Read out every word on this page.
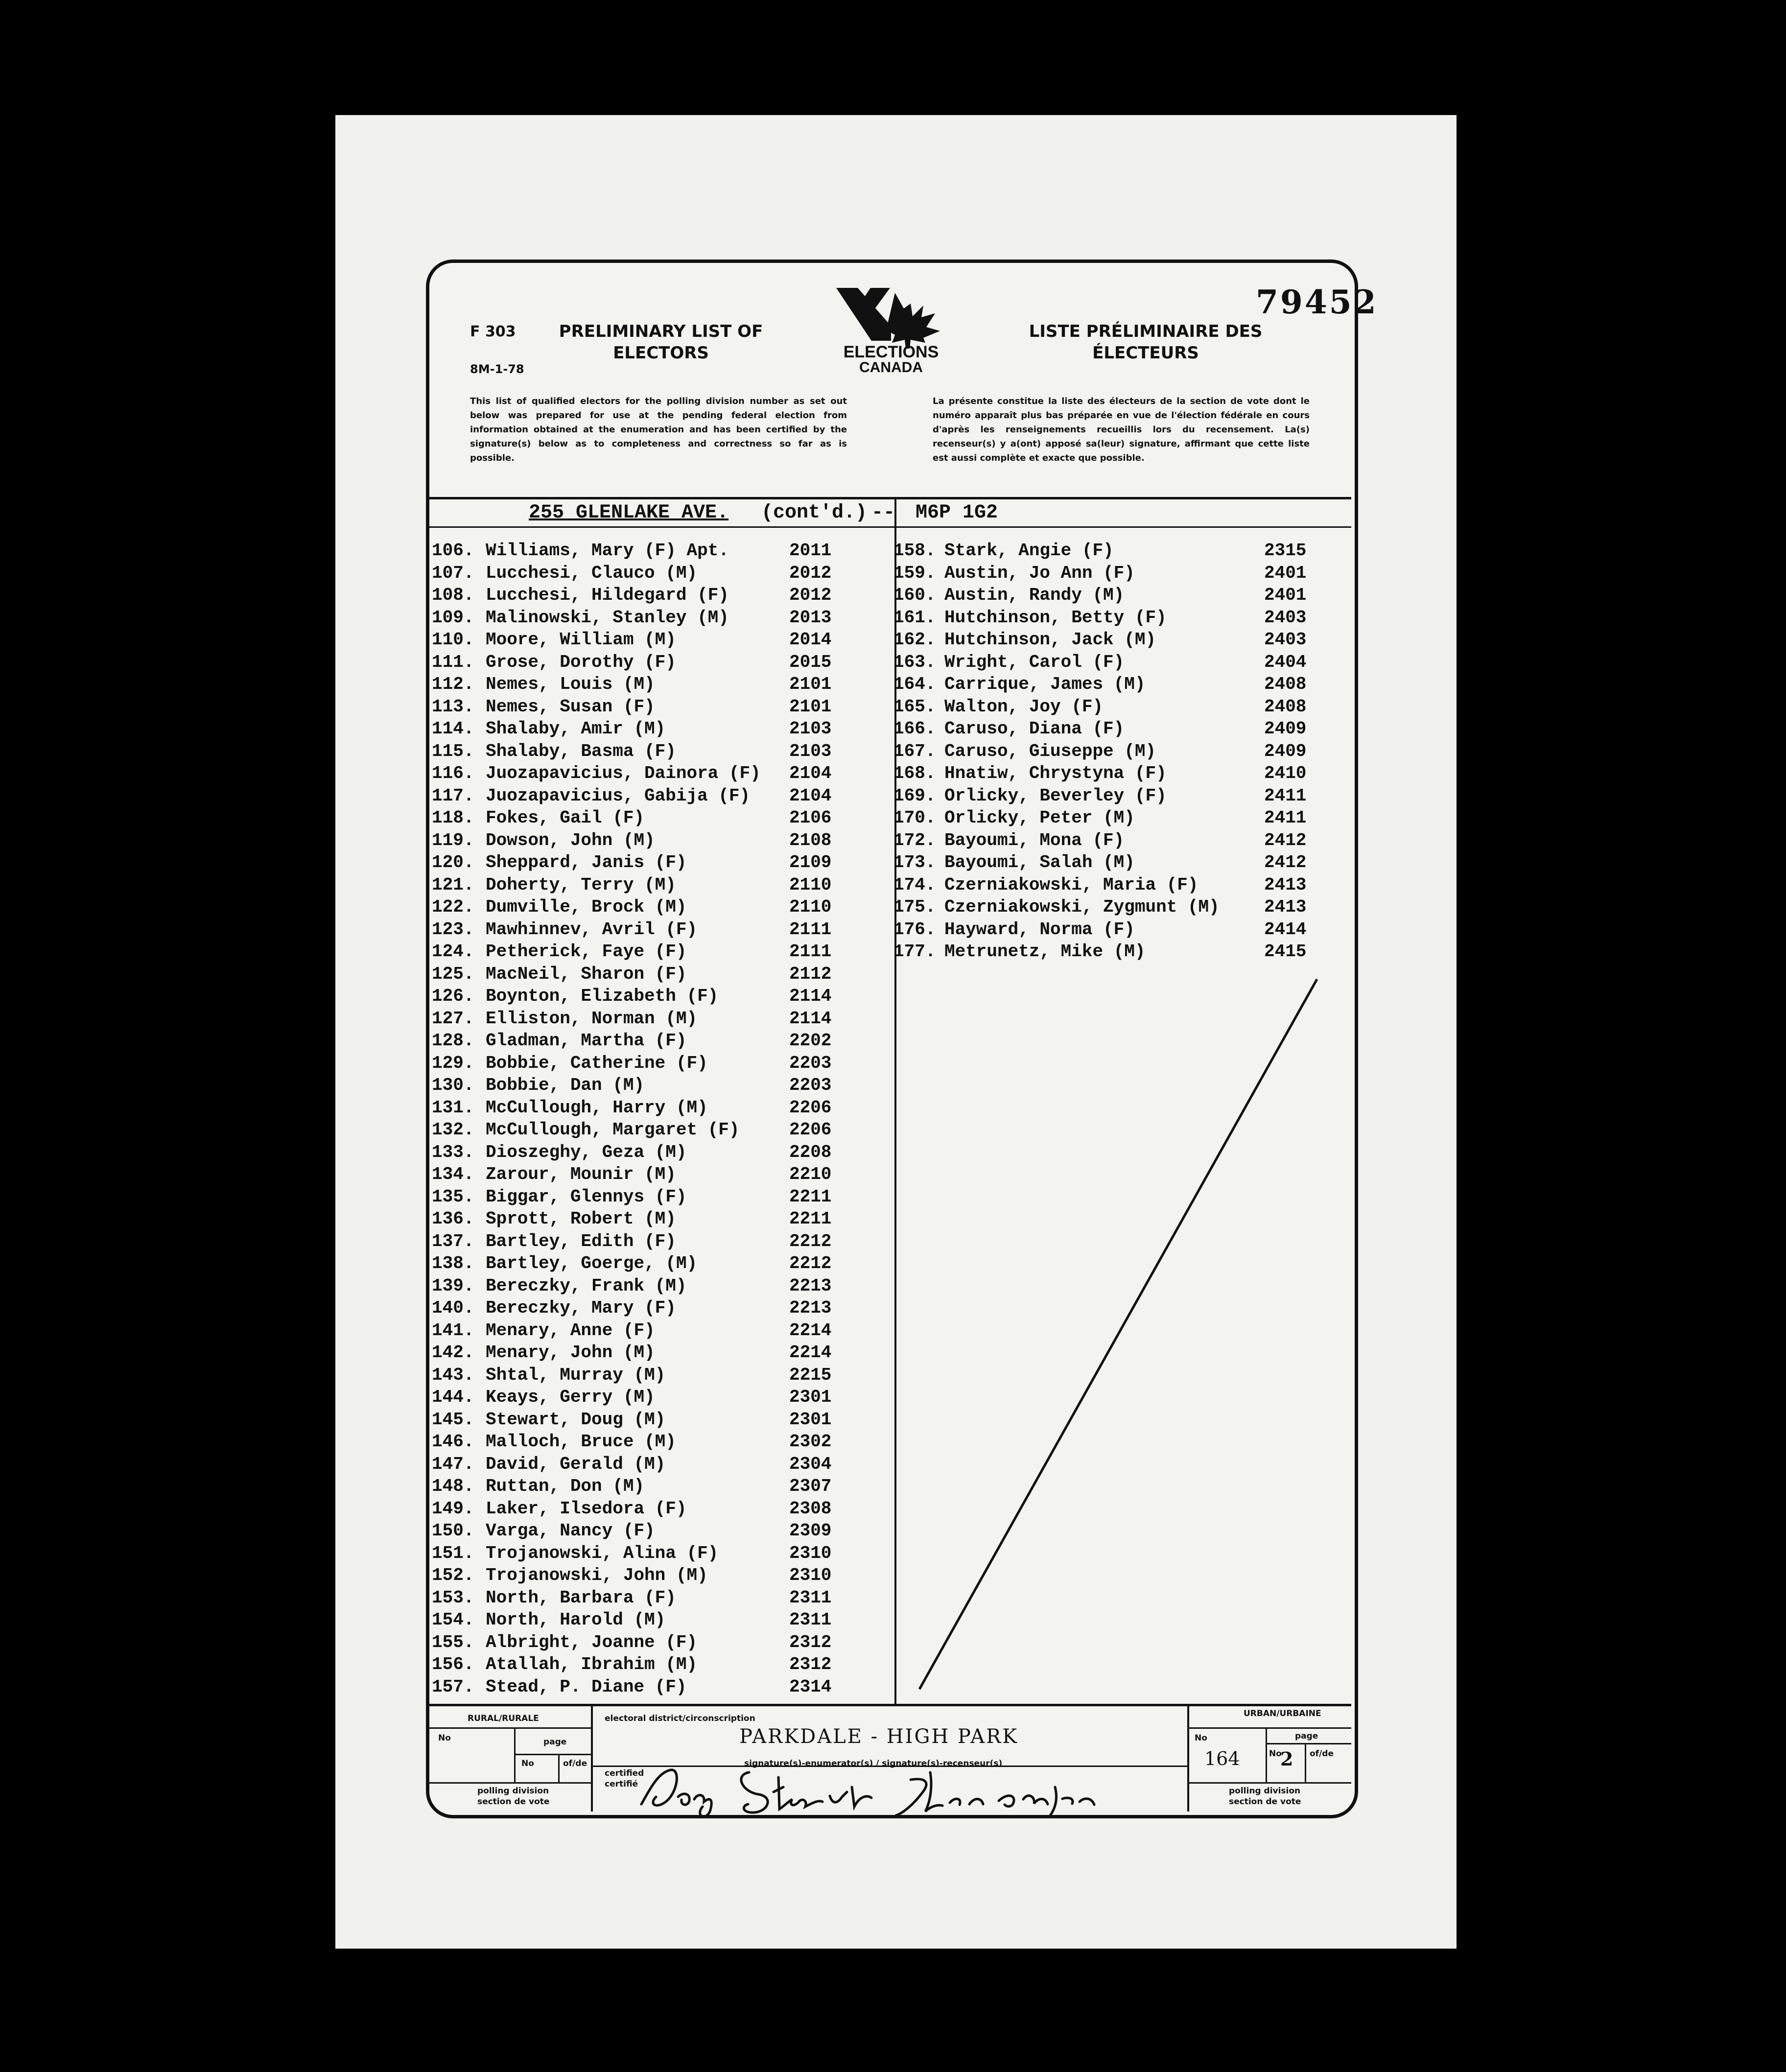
79452
F 303
8M-1-78
PRELIMINARY LIST OF
ELECTORS
LISTE PRÉLIMINAIRE DES
ÉLECTEURS
ELECTIONS
CANADA
This list of qualified electors for the polling division number as set out below was prepared for use at the pending federal election from information obtained at the enumeration and has been certified by the signature(s) below as to completeness and correctness so far as is possible.
La présente constitue la liste des électeurs de la section de vote dont le numéro apparaît plus bas préparée en vue de l'élection fédérale en cours d'après les renseignements recueillis lors du recensement. La(s) recenseur(s) y a(ont) apposé sa(leur) signature, affirmant que cette liste est aussi complète et exacte que possible.
255 GLENLAKE AVE. (cont'd.) -- M6P 1G2
106. Williams, Mary (F) Apt.	2011
107. Lucchesi, Clauco (M)	2012
108. Lucchesi, Hildegard (F)	2012
109. Malinowski, Stanley (M)	2013
110. Moore, William (M)	2014
111. Grose, Dorothy (F)	2015
112. Nemes, Louis (M)	2101
113. Nemes, Susan (F)	2101
114. Shalaby, Amir (M)	2103
115. Shalaby, Basma (F)	2103
116. Juozapavicius, Dainora (F) 2104
117. Juozapavicius, Gabija (F) 2104
118. Fokes, Gail (F)	2106
119. Dowson, John (M)	2108
120. Sheppard, Janis (F)	2109
121. Doherty, Terry (M)	2110
122. Dumville, Brock (M)	2110
123. Mawhinnev, Avril (F)	2111
124. Petherick, Faye (F)	2111
125. MacNeil, Sharon (F)	2112
126. Boynton, Elizabeth (F)	2114
127. Elliston, Norman (M)	2114
128. Gladman, Martha (F)	2202
129. Bobbie, Catherine (F)	2203
130. Bobbie, Dan (M)	2203
131. McCullough, Harry (M)	2206
132. McCullough, Margaret (F)	2206
133. Dioszeghy, Geza (M)	2208
134. Zarour, Mounir (M)	2210
135. Biggar, Glennys (F)	2211
136. Sprott, Robert (M)	2211
137. Bartley, Edith (F)	2212
138. Bartley, Goerge, (M)	2212
139. Bereczky, Frank (M)	2213
140. Bereczky, Mary (F)	2213
141. Menary, Anne (F)	2214
142. Menary, John (M)	2214
143. Shtal, Murray (M)	2215
144. Keays, Gerry (M)	2301
145. Stewart, Doug (M)	2301
146. Malloch, Bruce (M)	2302
147. David, Gerald (M)	2304
148. Ruttan, Don (M)	2307
149. Laker, Ilsedora (F)	2308
150. Varga, Nancy (F)	2309
151. Trojanowski, Alina (F)	2310
152. Trojanowski, John (M)	2310
153. North, Barbara (F)	2311
154. North, Harold (M)	2311
155. Albright, Joanne (F)	2312
156. Atallah, Ibrahim (M)	2312
157. Stead, P. Diane (F)	2314
158. Stark, Angie (F)	2315
159. Austin, Jo Ann (F)	2401
160. Austin, Randy (M)	2401
161. Hutchinson, Betty (F)	2403
162. Hutchinson, Jack (M)	2403
163. Wright, Carol (F)	2404
164. Carrique, James (M)	2408
165. Walton, Joy (F)	2408
166. Caruso, Diana (F)	2409
167. Caruso, Giuseppe (M)	2409
168. Hnatiw, Chrystyna (F)	2410
169. Orlicky, Beverley (F)	2411
170. Orlicky, Peter (M)	2411
172. Bayoumi, Mona (F)	2412
173. Bayoumi, Salah (M)	2412
174. Czerniakowski, Maria (F)	2413
175. Czerniakowski, Zygmunt (M)	2413
176. Hayward, Norma (F)	2414
177. Metrunetz, Mike (M)	2415
RURAL/RURALE
No	page
No	of/de
polling division
section de vote
electoral district/circonscription
PARKDALE - HIGH PARK
certified
certifié
signature(s)-enumerator(s) / signature(s)-recenseur(s)
URBAN/URBAINE
No	page
No	of/de
164 2
polling division
section de vote
